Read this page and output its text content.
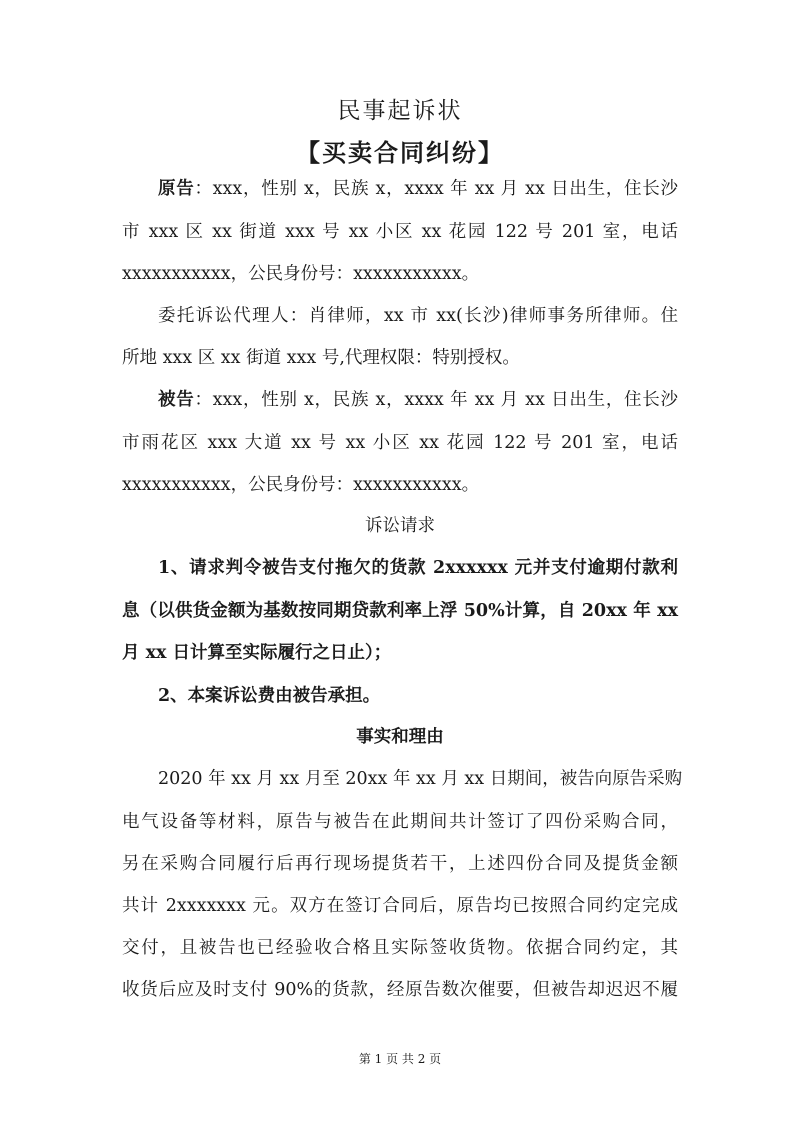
民事起诉状
【买卖合同纠纷】
原告：xxx，性别 x，民族 x，xxxx 年 xx 月 xx 日出生，住长沙
市 xxx 区 xx 街道 xxx 号 xx 小区 xx 花园 122 号 201 室，电话
xxxxxxxxxxx，公民身份号：xxxxxxxxxxx。
委托诉讼代理人：肖律师，xx 市 xx(长沙)律师事务所律师。住
所地 xxx 区 xx 街道 xxx 号,代理权限：特别授权。
被告：xxx，性别 x，民族 x，xxxx 年 xx 月 xx 日出生，住长沙
市雨花区 xxx 大道 xx 号 xx 小区 xx 花园 122 号 201 室，电话
xxxxxxxxxxx，公民身份号：xxxxxxxxxxx。
诉讼请求
1、请求判令被告支付拖欠的货款 2xxxxxx 元并支付逾期付款利
息（以供货金额为基数按同期贷款利率上浮 50%计算，自 20xx 年 xx
月 xx 日计算至实际履行之日止）；
2、本案诉讼费由被告承担。
事实和理由
2020 年 xx 月 xx 月至 20xx 年 xx 月 xx 日期间，被告向原告采购
电气设备等材料，原告与被告在此期间共计签订了四份采购合同，
另在采购合同履行后再行现场提货若干，上述四份合同及提货金额
共计 2xxxxxxx 元。双方在签订合同后，原告均已按照合同约定完成
交付，且被告也已经验收合格且实际签收货物。依据合同约定，其
收货后应及时支付 90%的货款，经原告数次催要，但被告却迟迟不履
第 1 页 共 2 页
